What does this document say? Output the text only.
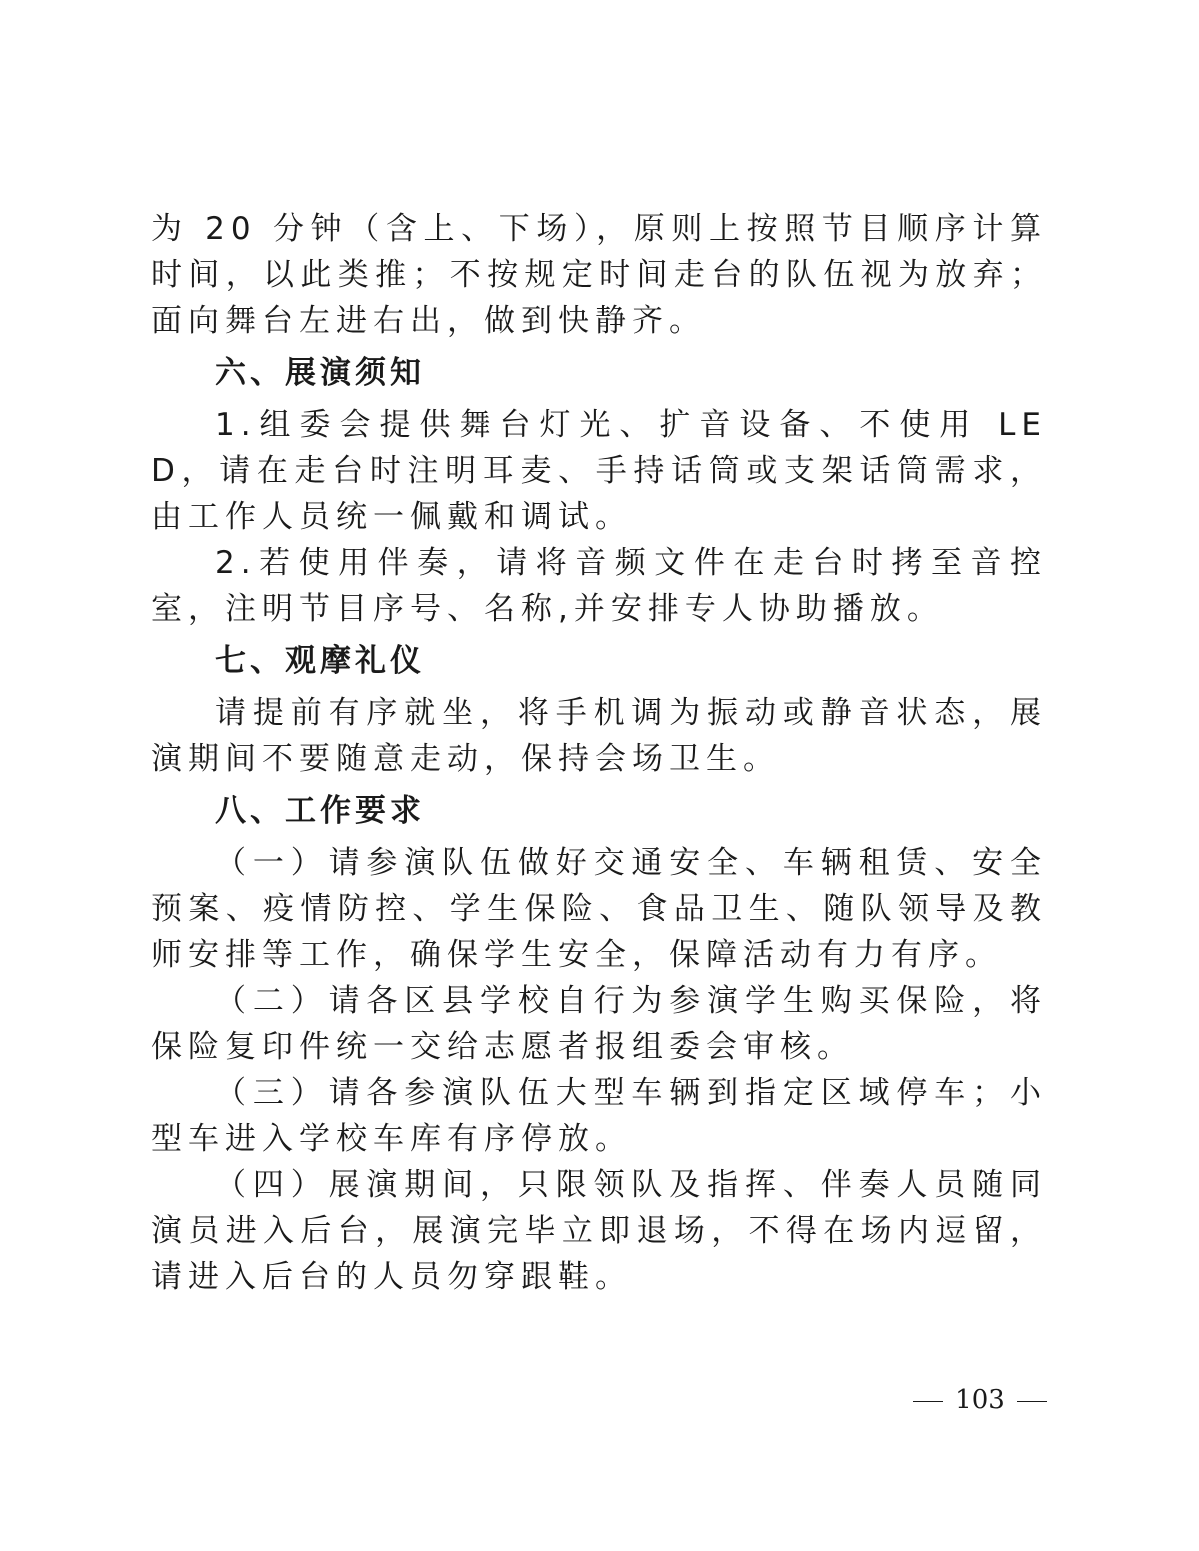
为 20 分钟（含上、下场），原则上按照节目顺序计算时间，以此类推；不按规定时间走台的队伍视为放弃；面向舞台左进右出，做到快静齐。

六、展演须知

1.组委会提供舞台灯光、扩音设备、不使用 LED，请在走台时注明耳麦、手持话筒或支架话筒需求，由工作人员统一佩戴和调试。

2.若使用伴奏，请将音频文件在走台时拷至音控室，注明节目序号、名称,并安排专人协助播放。

七、观摩礼仪

请提前有序就坐，将手机调为振动或静音状态，展演期间不要随意走动，保持会场卫生。

八、工作要求

（一）请参演队伍做好交通安全、车辆租赁、安全预案、疫情防控、学生保险、食品卫生、随队领导及教师安排等工作，确保学生安全，保障活动有力有序。

（二）请各区县学校自行为参演学生购买保险，将保险复印件统一交给志愿者报组委会审核。

（三）请各参演队伍大型车辆到指定区域停车；小型车进入学校车库有序停放。

（四）展演期间，只限领队及指挥、伴奏人员随同演员进入后台，展演完毕立即退场，不得在场内逗留，请进入后台的人员勿穿跟鞋。

103
